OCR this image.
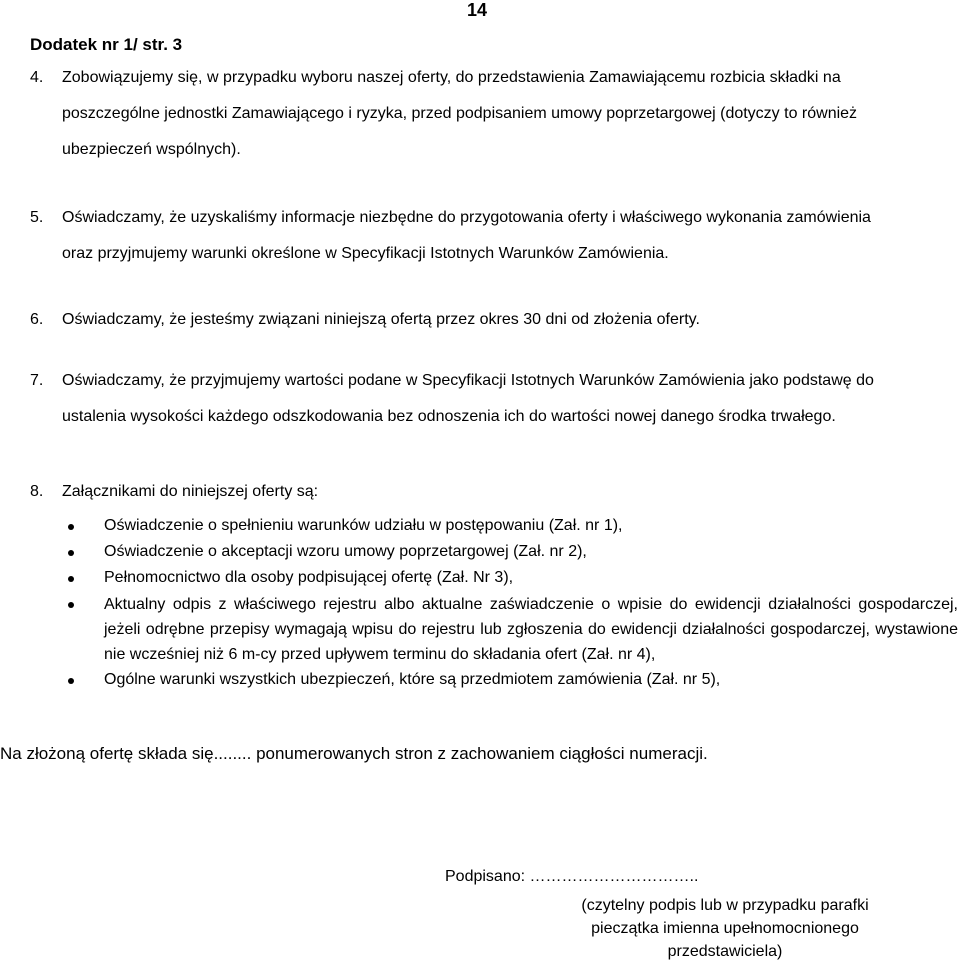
14
Dodatek nr 1/ str. 3
4. Zobowiązujemy się, w przypadku wyboru naszej oferty, do przedstawienia Zamawiającemu rozbicia składki na
poszczególne jednostki Zamawiającego i ryzyka, przed podpisaniem umowy poprzetargowej (dotyczy to również
ubezpieczeń wspólnych).
5. Oświadczamy, że uzyskaliśmy informacje niezbędne do przygotowania oferty i właściwego wykonania zamówienia
oraz przyjmujemy warunki określone w Specyfikacji Istotnych Warunków Zamówienia.
6. Oświadczamy, że jesteśmy związani niniejszą ofertą przez okres 30 dni od złożenia oferty.
7. Oświadczamy, że przyjmujemy wartości podane w Specyfikacji Istotnych Warunków Zamówienia jako podstawę do
ustalenia wysokości każdego odszkodowania bez odnoszenia ich do wartości nowej danego środka trwałego.
8. Załącznikami do niniejszej oferty są:
Oświadczenie o spełnieniu warunków udziału w postępowaniu (Zał. nr 1),
Oświadczenie o akceptacji wzoru umowy poprzetargowej (Zał. nr 2),
Pełnomocnictwo dla osoby podpisującej ofertę (Zał. Nr 3),
Aktualny odpis z właściwego rejestru albo aktualne zaświadczenie o wpisie do ewidencji działalności gospodarczej, jeżeli odrębne przepisy wymagają wpisu do rejestru lub zgłoszenia do ewidencji działalności gospodarczej, wystawione nie wcześniej niż 6 m-cy przed upływem terminu do składania ofert (Zał. nr 4),
Ogólne warunki wszystkich ubezpieczeń, które są przedmiotem zamówienia (Zał. nr 5),
Na złożoną ofertę składa się........ ponumerowanych stron z zachowaniem ciągłości numeracji.
Podpisano: …………………………..
(czytelny podpis lub w przypadku parafki
pieczątka imienna upełnomocnionego
przedstawiciela)
